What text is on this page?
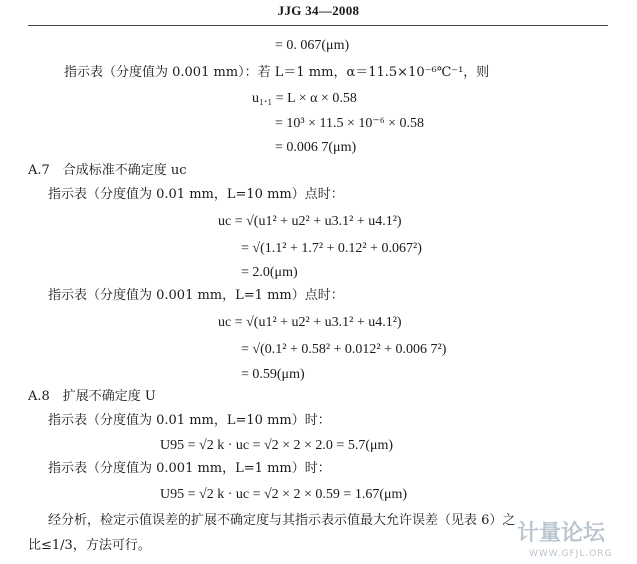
JJG 34—2008
= 0. 067(μm)
指示表（分度值为 0.001 mm）：若 L＝1 mm，α＝11.5×10⁻⁶℃⁻¹，则
u₁.₁ = L × α × 0.58
= 10³ × 11.5 × 10⁻⁶ × 0.58
= 0.006 7(μm)
A.7　合成标准不确定度 uc
指示表（分度值为 0.01 mm，L=10 mm）点时：
uc = √(u1² + u2² + u3.1² + u4.1²)
= √(1.1² + 1.7² + 0.12² + 0.067²)
= 2.0(μm)
指示表（分度值为 0.001 mm，L=1 mm）点时：
uc = √(u1² + u2² + u3.1² + u4.1²)
= √(0.1² + 0.58² + 0.012² + 0.006 7²)
= 0.59(μm)
A.8　扩展不确定度 U
指示表（分度值为 0.01 mm，L=10 mm）时：
U95 = √2 k · uc = √2 × 2 × 2.0 = 5.7(μm)
指示表（分度值为 0.001 mm，L=1 mm）时：
U95 = √2 k · uc = √2 × 2 × 0.59 = 1.67(μm)
经分析，检定示值误差的扩展不确定度与其指示表示值最大允许误差（见表 6）之
比≤1/3，方法可行。	计量论坛
WWW.GFJL.ORG
